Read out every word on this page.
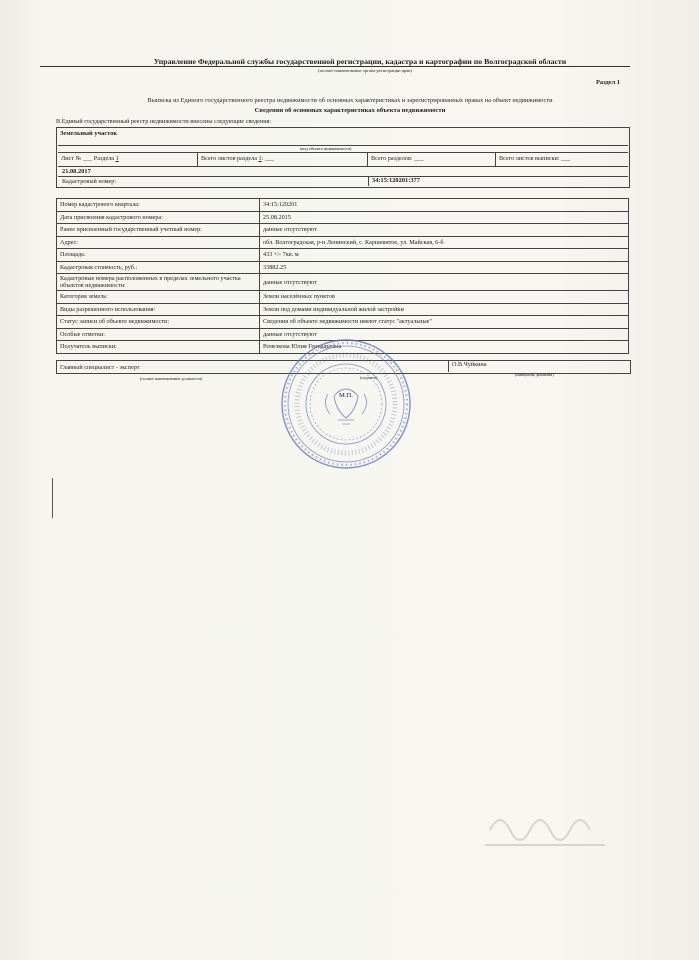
Управление Федеральной службы государственной регистрации, кадастра и картографии по Волгоградской области
(полное наименование органа регистрации прав)
Раздел 1
Выписка из Единого государственного реестра недвижимости об основных характеристиках и зарегистрированных правах на объект недвижимости
Сведения об основных характеристиках объекта недвижимости
В Единый государственный реестр недвижимости внесены следующие сведения:
Земельный участок
(вид объекта недвижимости)
Лист № ___ Раздела 1	Всего листов раздела 1: ___	Всего разделов: ___	Всего листов выписки: ___
21.08.2017
Кадастровый номер:	34:15:120201:377
Номер кадастрового квартала:	34:15:120201
Дата присвоения кадастрового номера:	25.08.2015
Ранее присвоенный государственный учетный номер:	данные отсутствуют
Адрес:	обл. Волгоградская, р-н Ленинский, с. Каршевитое, ул. Майская, 6-б
Площадь:	433 +/- 7кв. м
Кадастровая стоимость, руб.:	33882.25
Кадастровые номера расположенных в пределах земельного участка объектов недвижимости:	данные отсутствуют
Категория земель:	Земли населённых пунктов
Виды разрешенного использования:	Земли под домами индивидуальной жилой застройки
Статус записи об объекте недвижимости:	Сведения об объекте недвижимости имеют статус "актуальные"
Особые отметки:	данные отсутствуют
Получатель выписки:	Ремезкова Юлия Геннадьевна
Главный специалист - эксперт	О.В.Чуйкина
(полное наименование должности)	(подпись)
(инициалы, фамилия)
М.П.
